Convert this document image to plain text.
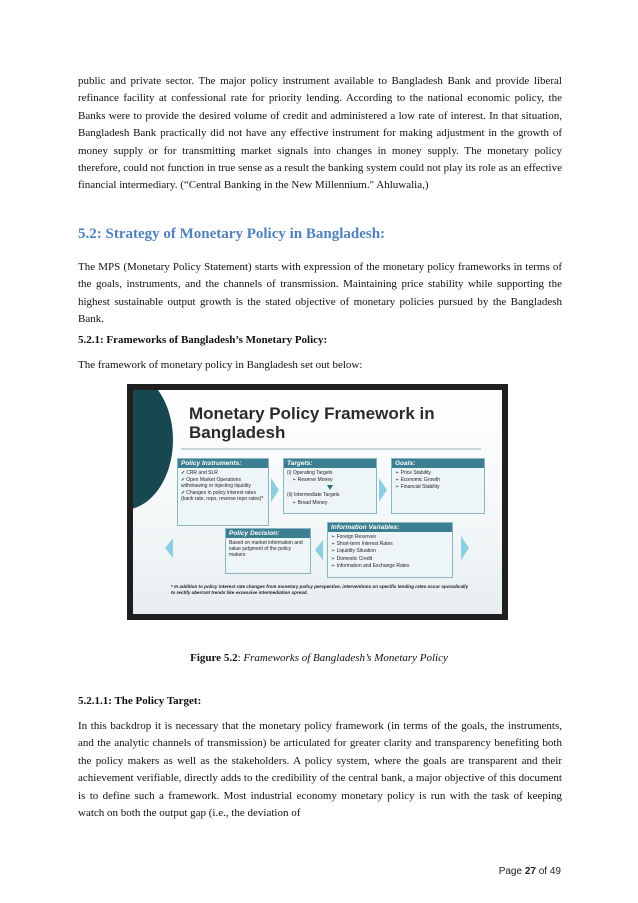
public and private sector. The major policy instrument available to Bangladesh Bank and provide liberal refinance facility at confessional rate for priority lending. According to the national economic policy, the Banks were to provide the desired volume of credit and administered a low rate of interest. In that situation, Bangladesh Bank practically did not have any effective instrument for making adjustment in the growth of money supply or for transmitting market signals into changes in money supply. The monetary policy therefore, could not function in true sense as a result the banking system could not play its role as an effective financial intermediary. (“Central Banking in the New Millennium." Ahluwalia,)

5.2: Strategy of Monetary Policy in Bangladesh:

The MPS (Monetary Policy Statement) starts with expression of the monetary policy frameworks in terms of the goals, instruments, and the channels of transmission. Maintaining price stability while supporting the highest sustainable output growth is the stated objective of monetary policies pursued by the Bangladesh Bank.

5.2.1: Frameworks of Bangladesh’s Monetary Policy:

The framework of monetary policy in Bangladesh set out below:

Monetary Policy Framework in
Bangladesh
Policy Instruments:
✓CRR and SLR
✓Open Market Operations withdrawing or injecting liquidity
✓Changes in policy interest rates (bank rate, repo, reverse repo rates)*
Targets:

(i) Operating Targets

➢ Reserve Money

(ii) Intermediate Targets

➢ Broad Money

Goals:

➢ Price Stability

➢ Economic Growth

➢ Financial Stability

Policy Decision:

Based on market information and value judgment of the policy makers

Information Variables:

➢ Foreign Reserves

➢ Short-term Interest Rates

➢ Liquidity Situation

➢ Domestic Credit

➢ Information and Exchange Rates

* In addition to policy interest rate changes from monetary policy perspective, interventions on specific lending rates occur sporadically to rectify aberrant trends like excessive intermediation spread.

Figure 5.2: Frameworks of Bangladesh’s Monetary Policy

5.2.1.1: The Policy Target:

In this backdrop it is necessary that the monetary policy framework (in terms of the goals, the instruments, and the analytic channels of transmission) be articulated for greater clarity and transparency benefiting both the policy makers as well as the stakeholders. A policy system, where the goals are transparent and their achievement verifiable, directly adds to the credibility of the central bank, a major objective of this document is to define such a framework. Most industrial economy monetary policy is run with the task of keeping watch on both the output gap (i.e., the deviation of

Page 27 of 49
